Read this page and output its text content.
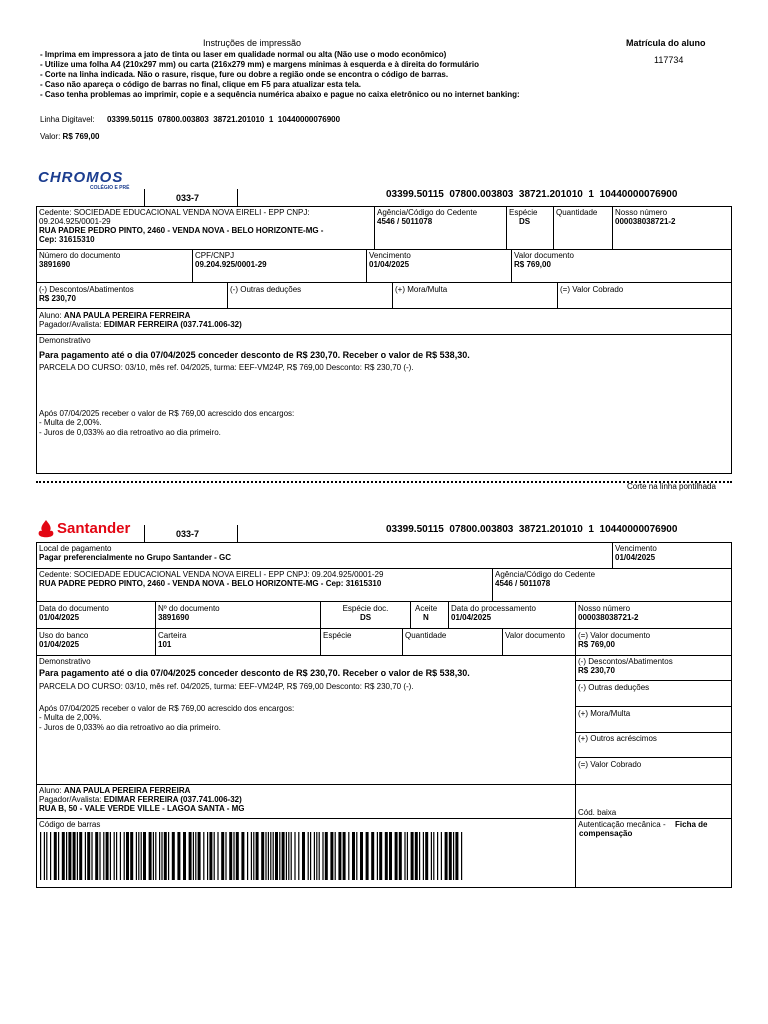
Instruções de impressão	Matrícula do aluno
117734
- Imprima em impressora a jato de tinta ou laser em qualidade normal ou alta (Não use o modo econômico)
- Utilize uma folha A4 (210x297 mm) ou carta (216x279 mm) e margens mínimas à esquerda e à direita do formulário
- Corte na linha indicada. Não o rasure, risque, fure ou dobre a região onde se encontra o código de barras.
- Caso não apareça o código de barras no final, clique em F5 para atualizar esta tela.
- Caso tenha problemas ao imprimir, copie e a sequência numérica abaixo e pague no caixa eletrônico ou no internet banking:
Linha Digitavel: 03399.50115  07800.003803  38721.201010  1  10440000076900
Valor: R$ 769,00
CHROMOS
COLÉGIO E PRÉ
033-7	03399.50115  07800.003803  38721.201010  1  10440000076900
Cedente: SOCIEDADE EDUCACIONAL VENDA NOVA EIRELI - EPP CNPJ:
09.204.925/0001-29
RUA PADRE PEDRO PINTO, 2460 - VENDA NOVA - BELO HORIZONTE-MG -
Cep: 31615310
Agência/Código do Cedente
4546 / 5011078
Espécie
DS
Quantidade	Nosso número
000038038721-2
Número do documento
3891690
CPF/CNPJ
09.204.925/0001-29
Vencimento
01/04/2025
Valor documento
R$ 769,00
(-) Descontos/Abatimentos
R$ 230,70
(-) Outras deduções	(+) Mora/Multa	(=) Valor Cobrado
Aluno: ANA PAULA PEREIRA FERREIRA
Pagador/Avalista: EDIMAR FERREIRA (037.741.006-32)
Demonstrativo
Para pagamento até o dia 07/04/2025 conceder desconto de R$ 230,70. Receber o valor de R$ 538,30.
PARCELA DO CURSO: 03/10, mês ref. 04/2025, turma: EEF-VM24P, R$ 769,00 Desconto: R$ 230,70 (-).
Após 07/04/2025 receber o valor de R$ 769,00 acrescido dos encargos:
- Multa de 2,00%.
- Juros de 0,033% ao dia retroativo ao dia primeiro.
Corte na linha pontilhada
Santander	033-7	03399.50115  07800.003803  38721.201010  1  10440000076900
Local de pagamento
Pagar preferencialmente no Grupo Santander - GC
Vencimento
01/04/2025
Cedente: SOCIEDADE EDUCACIONAL VENDA NOVA EIRELI - EPP CNPJ: 09.204.925/0001-29
RUA PADRE PEDRO PINTO, 2460 - VENDA NOVA - BELO HORIZONTE-MG - Cep: 31615310
Agência/Código do Cedente
4546 / 5011078
Data do documento
01/04/2025
Nº do documento
3891690
Espécie doc.
DS
Aceite
N
Data do processamento
01/04/2025
Nosso número
000038038721-2
Uso do banco
01/04/2025
Carteira
101
Espécie	Quantidade	Valor documento	(=) Valor documento
R$ 769,00
(-) Descontos/Abatimentos
R$ 230,70
(-) Outras deduções
(+) Mora/Multa
(+) Outros acréscimos
(=) Valor Cobrado
Demonstrativo
Para pagamento até o dia 07/04/2025 conceder desconto de R$ 230,70. Receber o valor de R$ 538,30.
PARCELA DO CURSO: 03/10, mês ref. 04/2025, turma: EEF-VM24P, R$ 769,00 Desconto: R$ 230,70 (-).
Após 07/04/2025 receber o valor de R$ 769,00 acrescido dos encargos:
- Multa de 2,00%.
- Juros de 0,033% ao dia retroativo ao dia primeiro.
Aluno: ANA PAULA PEREIRA FERREIRA
Pagador/Avalista: EDIMAR FERREIRA (037.741.006-32)
RUA B, 50 - VALE VERDE VILLE - LAGOA SANTA - MG	Cód. baixa
Código de barras	Autenticação mecânica -	Ficha de compensação
